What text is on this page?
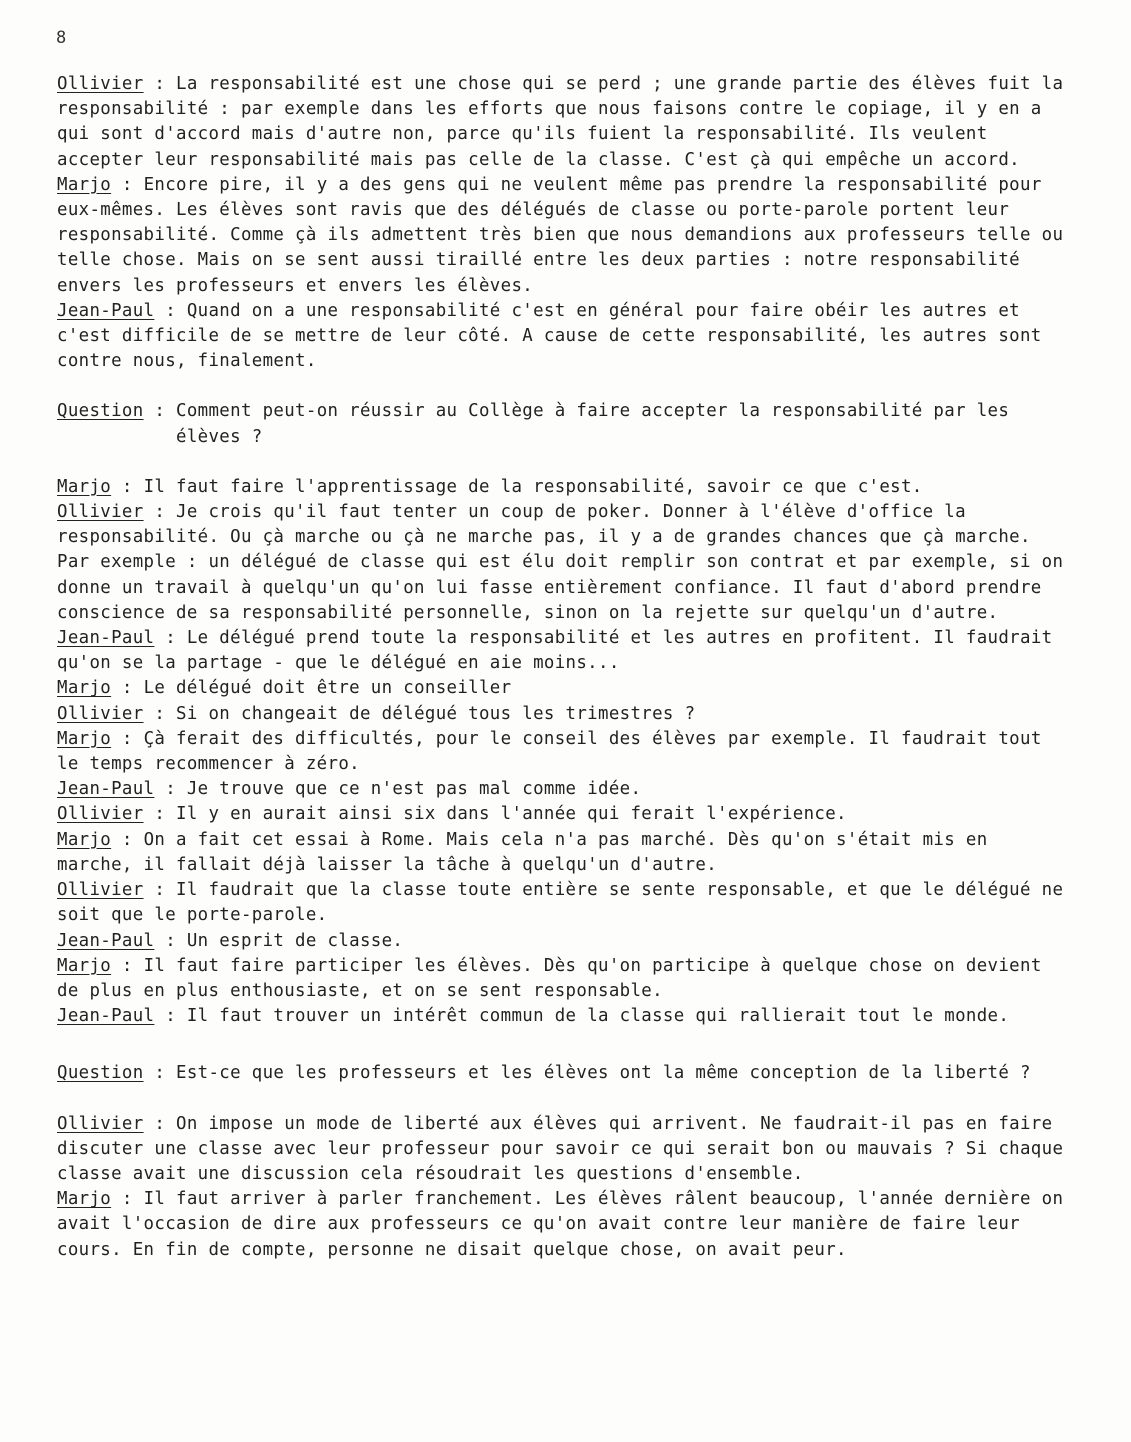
8

Ollivier : La responsabilité est une chose qui se perd ; une grande partie des élèves fuit la responsabilité : par exemple dans les efforts que nous faisons contre le copiage, il y en a qui sont d'accord mais d'autre non, parce qu'ils fuient la responsabilité. Ils veulent accepter leur responsabilité mais pas celle de la classe. C'est çà qui empêche un accord.

Marjo : Encore pire, il y a des gens qui ne veulent même pas prendre la responsabilité pour eux-mêmes. Les élèves sont ravis que des délégués de classe ou porte-parole portent leur responsabilité. Comme çà ils admettent très bien que nous demandions aux professeurs telle ou telle chose. Mais on se sent aussi tiraillé entre les deux parties : notre responsabilité envers les professeurs et envers les élèves.

Jean-Paul : Quand on a une responsabilité c'est en général pour faire obéir les autres et c'est difficile de se mettre de leur côté. A cause de cette responsabilité, les autres sont contre nous, finalement.

Question : Comment peut-on réussir au Collège à faire accepter la responsabilité par les élèves ?

Marjo : Il faut faire l'apprentissage de la responsabilité, savoir ce que c'est.

Ollivier : Je crois qu'il faut tenter un coup de poker. Donner à l'élève d'office la responsabilité. Ou çà marche ou çà ne marche pas, il y a de grandes chances que çà marche. Par exemple : un délégué de classe qui est élu doit remplir son contrat et par exemple, si on donne un travail à quelqu'un qu'on lui fasse entièrement confiance. Il faut d'abord prendre conscience de sa responsabilité personnelle, sinon on la rejette sur quelqu'un d'autre.

Jean-Paul : Le délégué prend toute la responsabilité et les autres en profitent. Il faudrait qu'on se la partage - que le délégué en aie moins...

Marjo : Le délégué doit être un conseiller

Ollivier : Si on changeait de délégué tous les trimestres ?

Marjo : Çà ferait des difficultés, pour le conseil des élèves par exemple. Il faudrait tout le temps recommencer à zéro.

Jean-Paul : Je trouve que ce n'est pas mal comme idée.

Ollivier : Il y en aurait ainsi six dans l'année qui ferait l'expérience.

Marjo : On a fait cet essai à Rome. Mais cela n'a pas marché. Dès qu'on s'était mis en marche, il fallait déjà laisser la tâche à quelqu'un d'autre.

Ollivier : Il faudrait que la classe toute entière se sente responsable, et que le délégué ne soit que le porte-parole.

Jean-Paul : Un esprit de classe.

Marjo : Il faut faire participer les élèves. Dès qu'on participe à quelque chose on devient de plus en plus enthousiaste, et on se sent responsable.

Jean-Paul : Il faut trouver un intérêt commun de la classe qui rallierait tout le monde.

Question : Est-ce que les professeurs et les élèves ont la même conception de la liberté ?

Ollivier : On impose un mode de liberté aux élèves qui arrivent. Ne faudrait-il pas en faire discuter une classe avec leur professeur pour savoir ce qui serait bon ou mauvais ? Si chaque classe avait une discussion cela résoudrait les questions d'ensemble.

Marjo : Il faut arriver à parler franchement. Les élèves râlent beaucoup, l'année dernière on avait l'occasion de dire aux professeurs ce qu'on avait contre leur manière de faire leur cours. En fin de compte, personne ne disait quelque chose, on avait peur.
